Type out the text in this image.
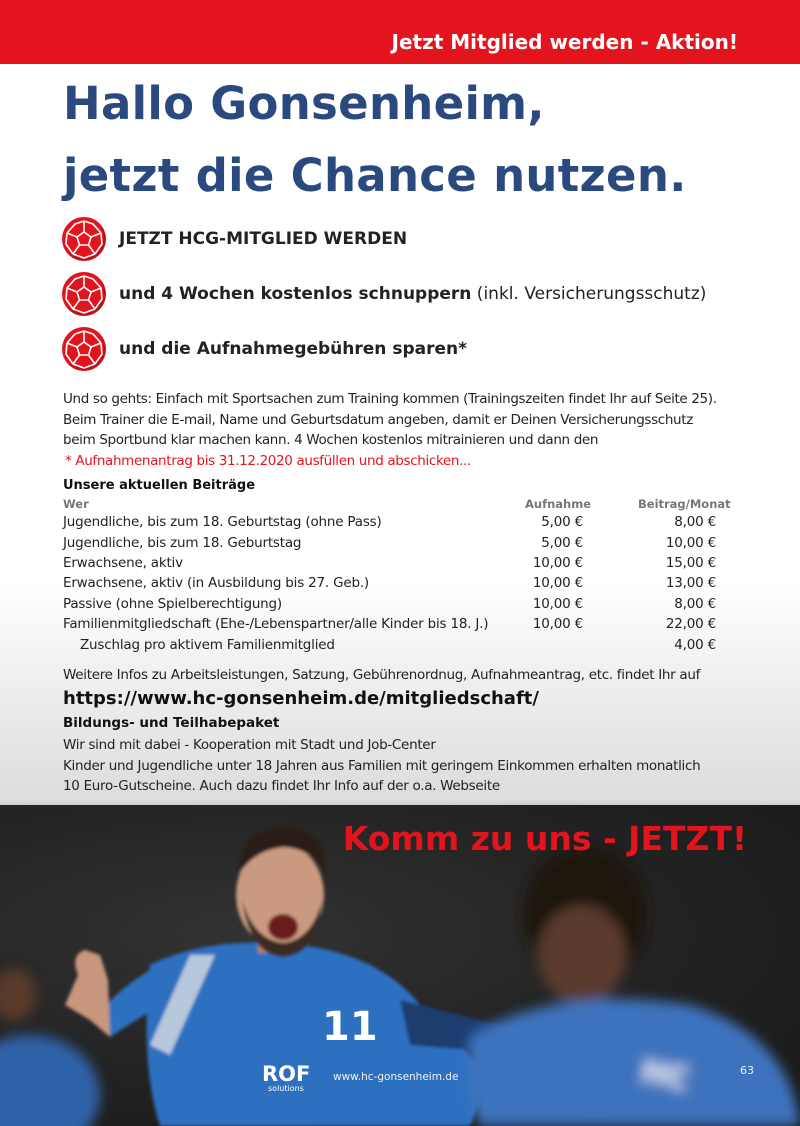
Jetzt Mitglied werden - Aktion!
Hallo Gonsenheim,
jetzt die Chance nutzen.
JETZT HCG-MITGLIED WERDEN
und 4 Wochen kostenlos schnuppern (inkl. Versicherungsschutz)
und die Aufnahmegebühren sparen*

Und so gehts: Einfach mit Sportsachen zum Training kommen (Trainingszeiten findet Ihr auf Seite 25).

Beim Trainer die E-mail, Name und Geburtsdatum angeben, damit er Deinen Versicherungsschutz

beim Sportbund klar machen kann. 4 Wochen kostenlos mitrainieren und dann den

* Aufnahmenantrag bis 31.12.2020 ausfüllen und abschicken...

Unsere aktuellen Beiträge
Wer	Aufnahme	Beitrag/Monat
Jugendliche, bis zum 18. Geburtstag (ohne Pass)	5,00 €	8,00 €
Jugendliche, bis zum 18. Geburtstag	5,00 €	10,00 €
Erwachsene, aktiv	10,00 €	15,00 €
Erwachsene, aktiv (in Ausbildung bis 27. Geb.)	10,00 €	13,00 €
Passive (ohne Spielberechtigung)	10,00 €	8,00 €
Familienmitgliedschaft (Ehe-/Lebenspartner/alle Kinder bis 18. J.)	10,00 €	22,00 €
Zuschlag pro aktivem Familienmitglied		4,00 €
Weitere Infos zu Arbeitsleistungen, Satzung, Gebührenordnug, Aufnahmeantrag, etc. findet Ihr auf
https://www.hc-gonsenheim.de/mitgliedschaft/
Bildungs- und Teilhabepaket

Wir sind mit dabei - Kooperation mit Stadt und Job-Center

Kinder und Jugendliche unter 18 Jahren aus Familien mit geringem Einkommen erhalten monatlich

10 Euro-Gutscheine. Auch dazu findet Ihr Info auf der o.a. Webseite

11
ROF
solutions	HC
Komm zu uns - JETZT!
www.hc-gonsenheim.de	63
